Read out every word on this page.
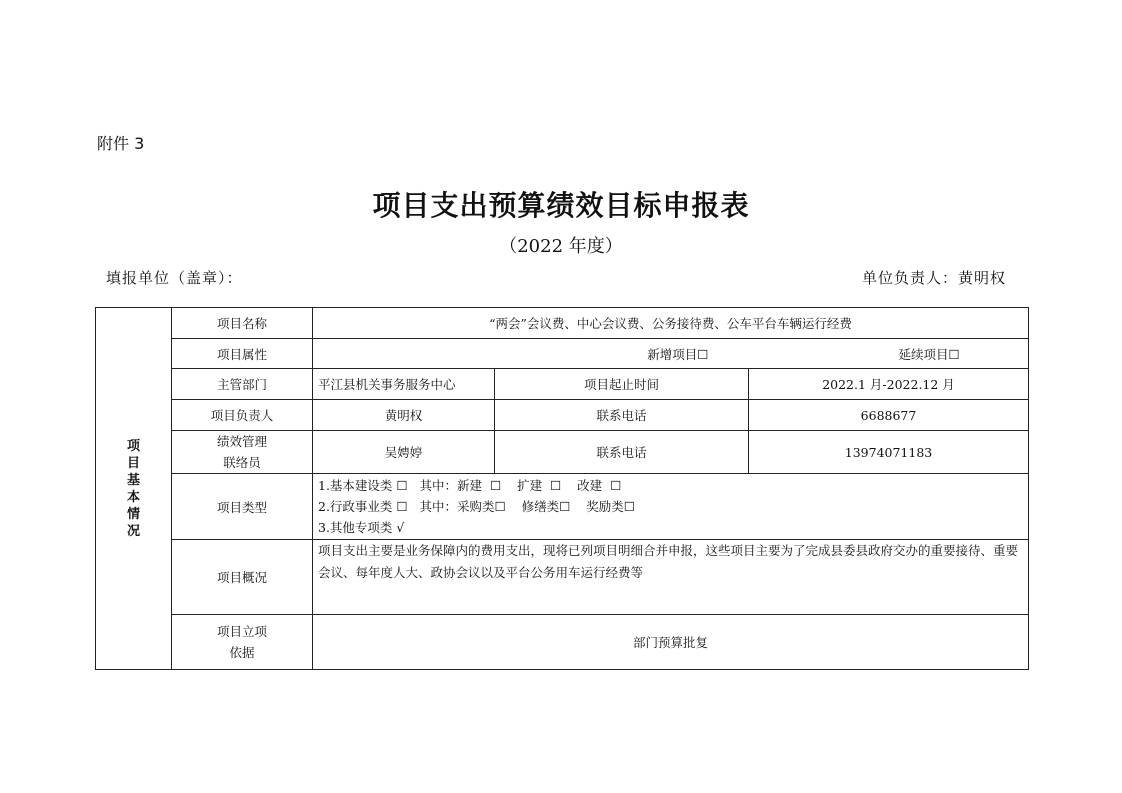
附件 3
项目支出预算绩效目标申报表
（2022 年度）
填报单位（盖章）：	单位负责人：黄明权
项目基本情况	项目名称	“两会”会议费、中心会议费、公务接待费、公车平台车辆运行经费		
	项目属性	新增项目☐		延续项目☐
	主管部门	平江县机关事务服务中心	项目起止时间	2022.1 月-2022.12 月
	项目负责人	黄明权	联系电话	6688677

	绩效管理
联络员	吴娉婷	联系电话	13974071183
	项目类型	1.基本建设类 ☐   其中：新建  ☐    扩建  ☐    改建  ☐
2.行政事业类 ☐   其中：采购类☐    修缮类☐    奖励类☐
3.其他专项类 √		

	项目概况	项目支出主要是业务保障内的费用支出，现将已列项目明细合并申报，这些项目主要为了完成县委县政府交办的重要接待、重要会议、每年度人大、政协会议以及平台公务用车运行经费等		

	项目立项
依据	部门预算批复		
